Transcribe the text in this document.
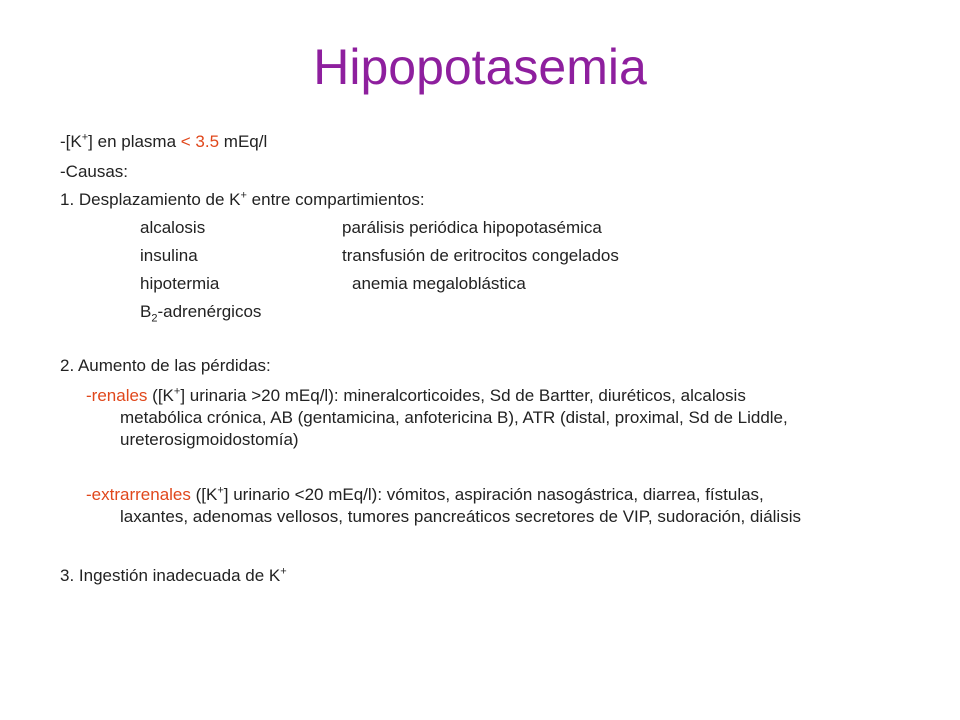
Hipopotasemia
-[K+] en plasma < 3.5 mEq/l
-Causas:
1. Desplazamiento de K+ entre compartimientos:
alcalosis	parálisis periódica hipopotasémica
insulina	transfusión de eritrocitos congelados
hipotermia	anemia megaloblástica
$B_2$-adrenérgicos
2. Aumento de las pérdidas:
-renales ([K+] urinaria >20 mEq/l): mineralcorticoides, Sd de Bartter, diuréticos, alcalosis
metabólica crónica, AB (gentamicina, anfotericina B), ATR (distal, proximal, Sd de Liddle,
ureterosigmoidostomía)
-extrarrenales ([K+] urinario <20 mEq/l): vómitos, aspiración nasogástrica, diarrea, fístulas,
laxantes, adenomas vellosos, tumores pancreáticos secretores de VIP, sudoración, diálisis
3. Ingestión inadecuada de K+
